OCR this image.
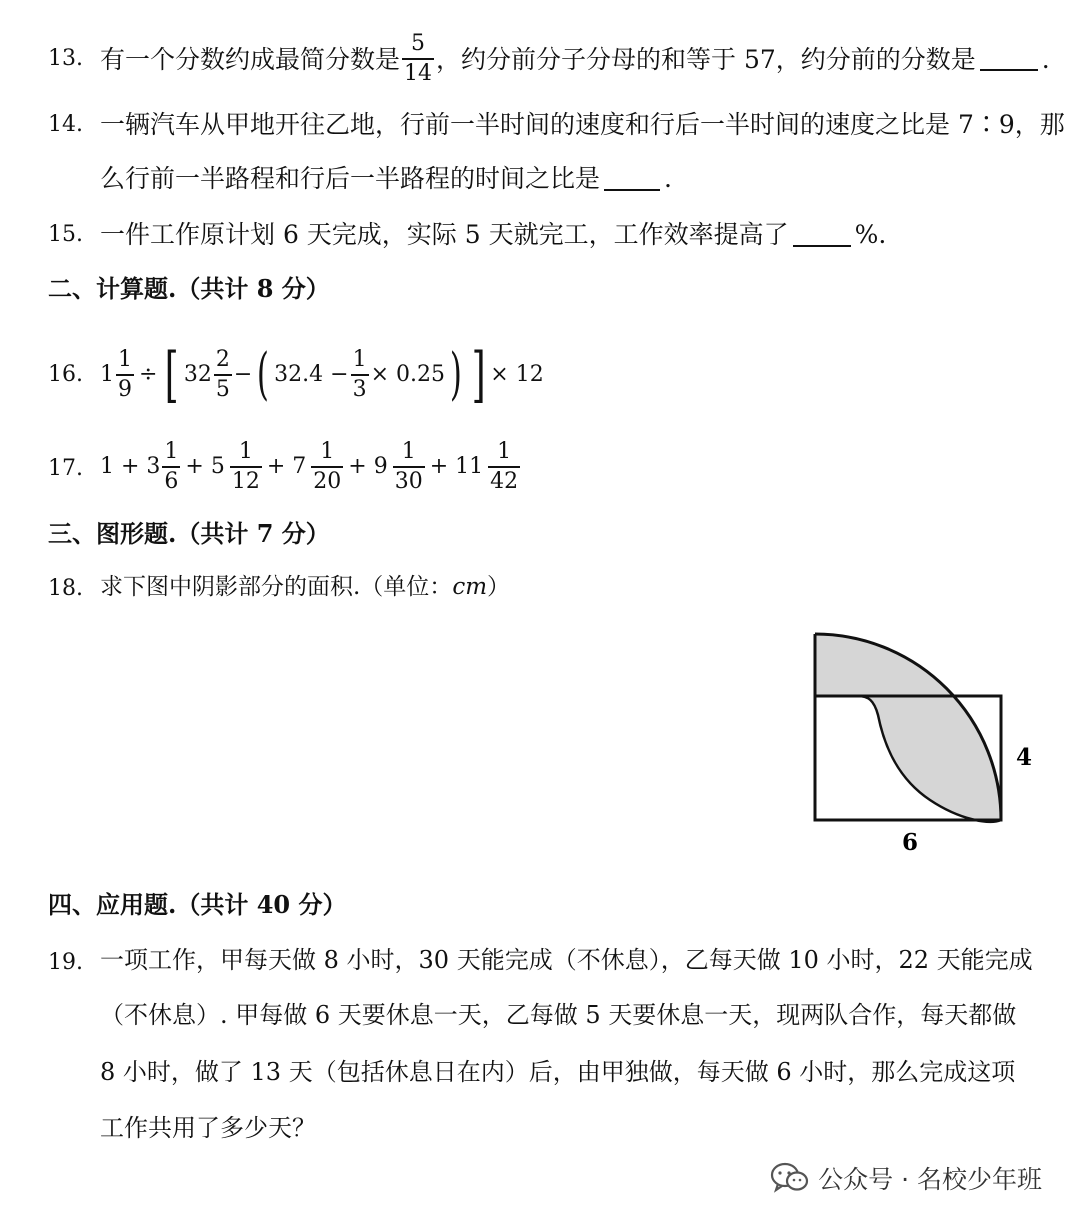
13. 有一个分数约成最简分数是 $\frac{5}{14}$ ，约分前分子分母的和等于 57，约分前的分数是	.
14. 一辆汽车从甲地开往乙地，行前一半时间的速度和行后一半时间的速度之比是 7∶9，那
么行前一半路程和行后一半路程的时间之比是	.
15. 一件工作原计划 6 天完成，实际 5 天就完工，工作效率提高了	%.
二、计算题.（共计 8 分）
16. $1 \frac{1}{9}$ ÷ [ $32 \frac{2}{5}$ − ( $32.4 - \frac{1}{3} \times 0.25$ ) ] × 12
17. $1 + 3 \frac{1}{6} + 5 \frac{1}{12} + 7 \frac{1}{20} + 9 \frac{1}{30} + 11 \frac{1}{42}$
三、图形题.（共计 7 分）
18. 求下图中阴影部分的面积.（单位：cm）
4
6
四、应用题.（共计 40 分）
19. 一项工作，甲每天做 8 小时，30 天能完成（不休息），乙每天做 10 小时，22 天能完成
（不休息）. 甲每做 6 天要休息一天，乙每做 5 天要休息一天，现两队合作，每天都做
8 小时，做了 13 天（包括休息日在内）后，由甲独做，每天做 6 小时，那么完成这项
工作共用了多少天？
公众号 · 名校少年班
